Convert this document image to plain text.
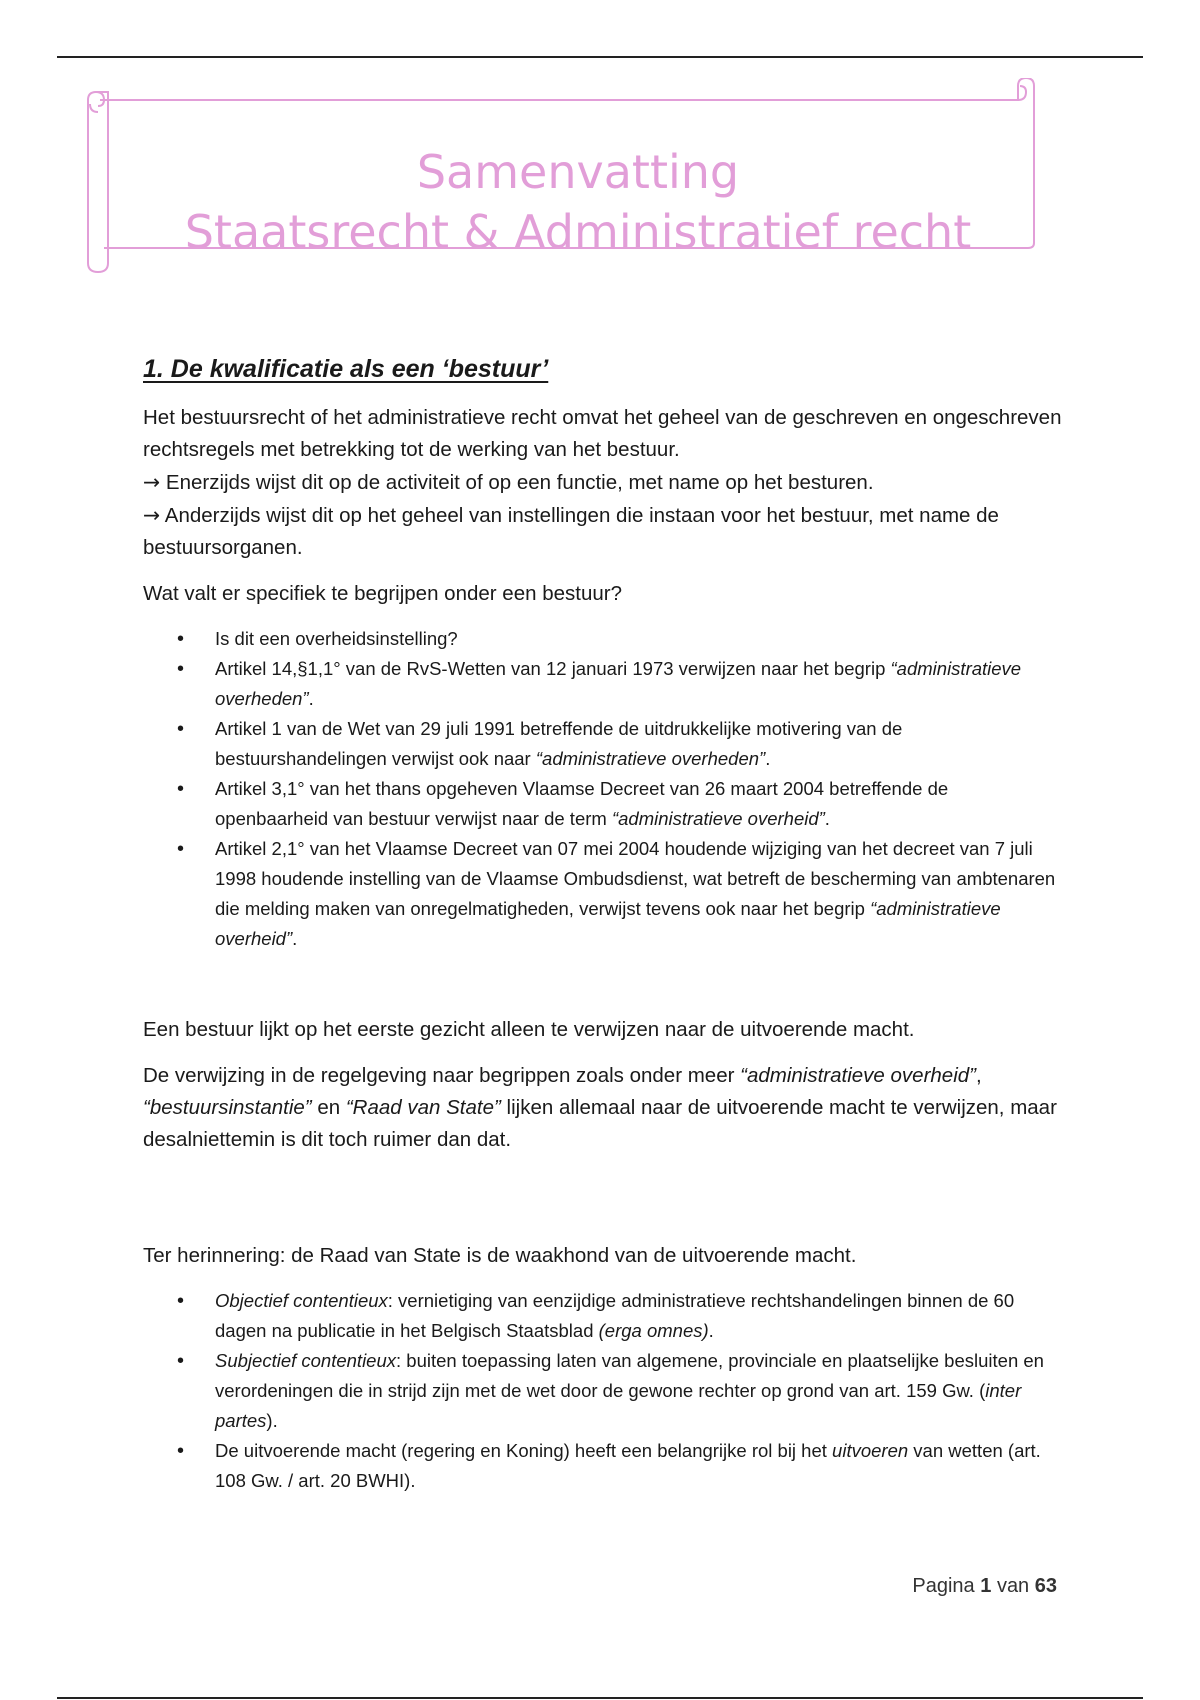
Samenvatting
Staatsrecht & Administratief recht
1. De kwalificatie als een ‘bestuur’

Het bestuursrecht of het administratieve recht omvat het geheel van de geschreven en ongeschreven rechtsregels met betrekking tot de werking van het bestuur.
→ Enerzijds wijst dit op de activiteit of op een functie, met name op het besturen.
→ Anderzijds wijst dit op het geheel van instellingen die instaan voor het bestuur, met name de bestuursorganen.

Wat valt er specifiek te begrijpen onder een bestuur?

• Is dit een overheidsinstelling?
• Artikel 14,§1,1° van de RvS-Wetten van 12 januari 1973 verwijzen naar het begrip “administratieve overheden”.
• Artikel 1 van de Wet van 29 juli 1991 betreffende de uitdrukkelijke motivering van de bestuurshandelingen verwijst ook naar “administratieve overheden”.
• Artikel 3,1° van het thans opgeheven Vlaamse Decreet van 26 maart 2004 betreffende de openbaarheid van bestuur verwijst naar de term “administratieve overheid”.
• Artikel 2,1° van het Vlaamse Decreet van 07 mei 2004 houdende wijziging van het decreet van 7 juli 1998 houdende instelling van de Vlaamse Ombudsdienst, wat betreft de bescherming van ambtenaren die melding maken van onregelmatigheden, verwijst tevens ook naar het begrip “administratieve overheid”.

Een bestuur lijkt op het eerste gezicht alleen te verwijzen naar de uitvoerende macht.

De verwijzing in de regelgeving naar begrippen zoals onder meer “administratieve overheid”, “bestuursinstantie” en “Raad van State” lijken allemaal naar de uitvoerende macht te verwijzen, maar desalniettemin is dit toch ruimer dan dat.

Ter herinnering: de Raad van State is de waakhond van de uitvoerende macht.

• Objectief contentieux: vernietiging van eenzijdige administratieve rechtshandelingen binnen de 60 dagen na publicatie in het Belgisch Staatsblad (erga omnes).
• Subjectief contentieux: buiten toepassing laten van algemene, provinciale en plaatselijke besluiten en verordeningen die in strijd zijn met de wet door de gewone rechter op grond van art. 159 Gw. (inter partes).
• De uitvoerende macht (regering en Koning) heeft een belangrijke rol bij het uitvoeren van wetten (art. 108 Gw. / art. 20 BWHI).
Pagina 1 van 63
